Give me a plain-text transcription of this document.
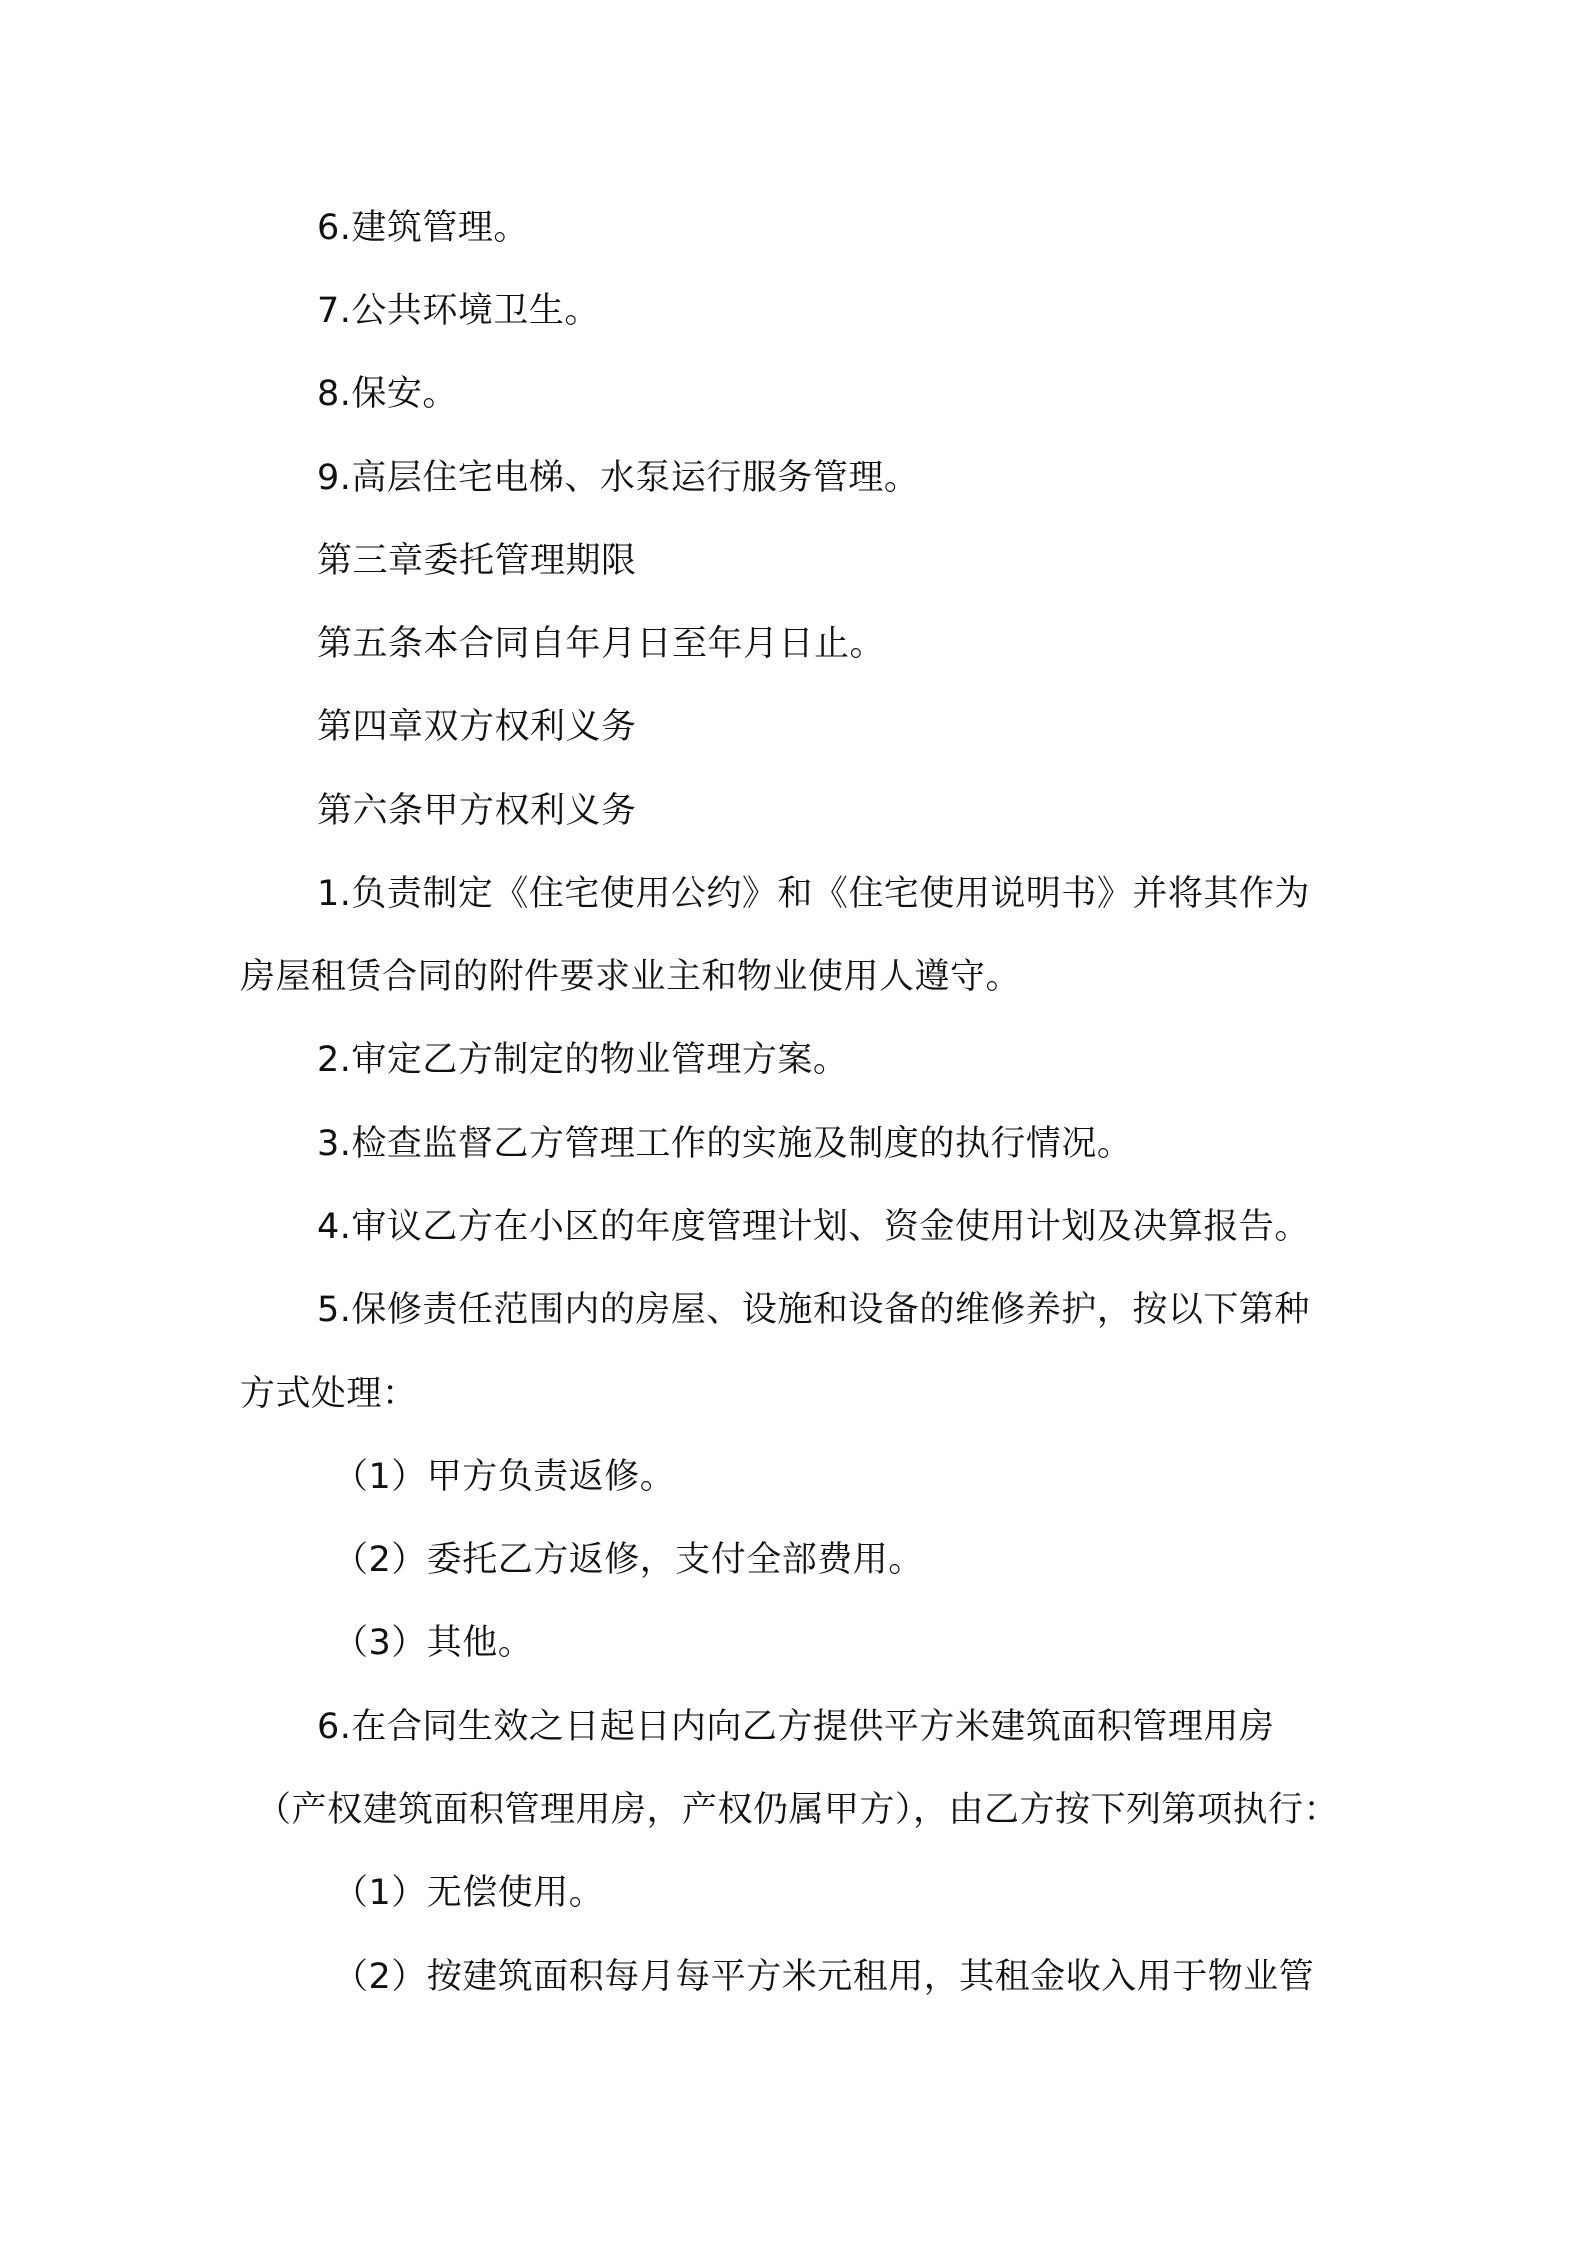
6.建筑管理。
7.公共环境卫生。
8.保安。
9.高层住宅电梯、水泵运行服务管理。
第三章委托管理期限
第五条本合同自年月日至年月日止。
第四章双方权利义务
第六条甲方权利义务
1.负责制定《住宅使用公约》和《住宅使用说明书》并将其作为
房屋租赁合同的附件要求业主和物业使用人遵守。
2.审定乙方制定的物业管理方案。
3.检查监督乙方管理工作的实施及制度的执行情况。
4.审议乙方在小区的年度管理计划、资金使用计划及决算报告。
5.保修责任范围内的房屋、设施和设备的维修养护，按以下第种
方式处理：
（1）甲方负责返修。
（2）委托乙方返修，支付全部费用。
（3）其他。
6.在合同生效之日起日内向乙方提供平方米建筑面积管理用房
（产权建筑面积管理用房，产权仍属甲方），由乙方按下列第项执行：
（1）无偿使用。
（2）按建筑面积每月每平方米元租用，其租金收入用于物业管
